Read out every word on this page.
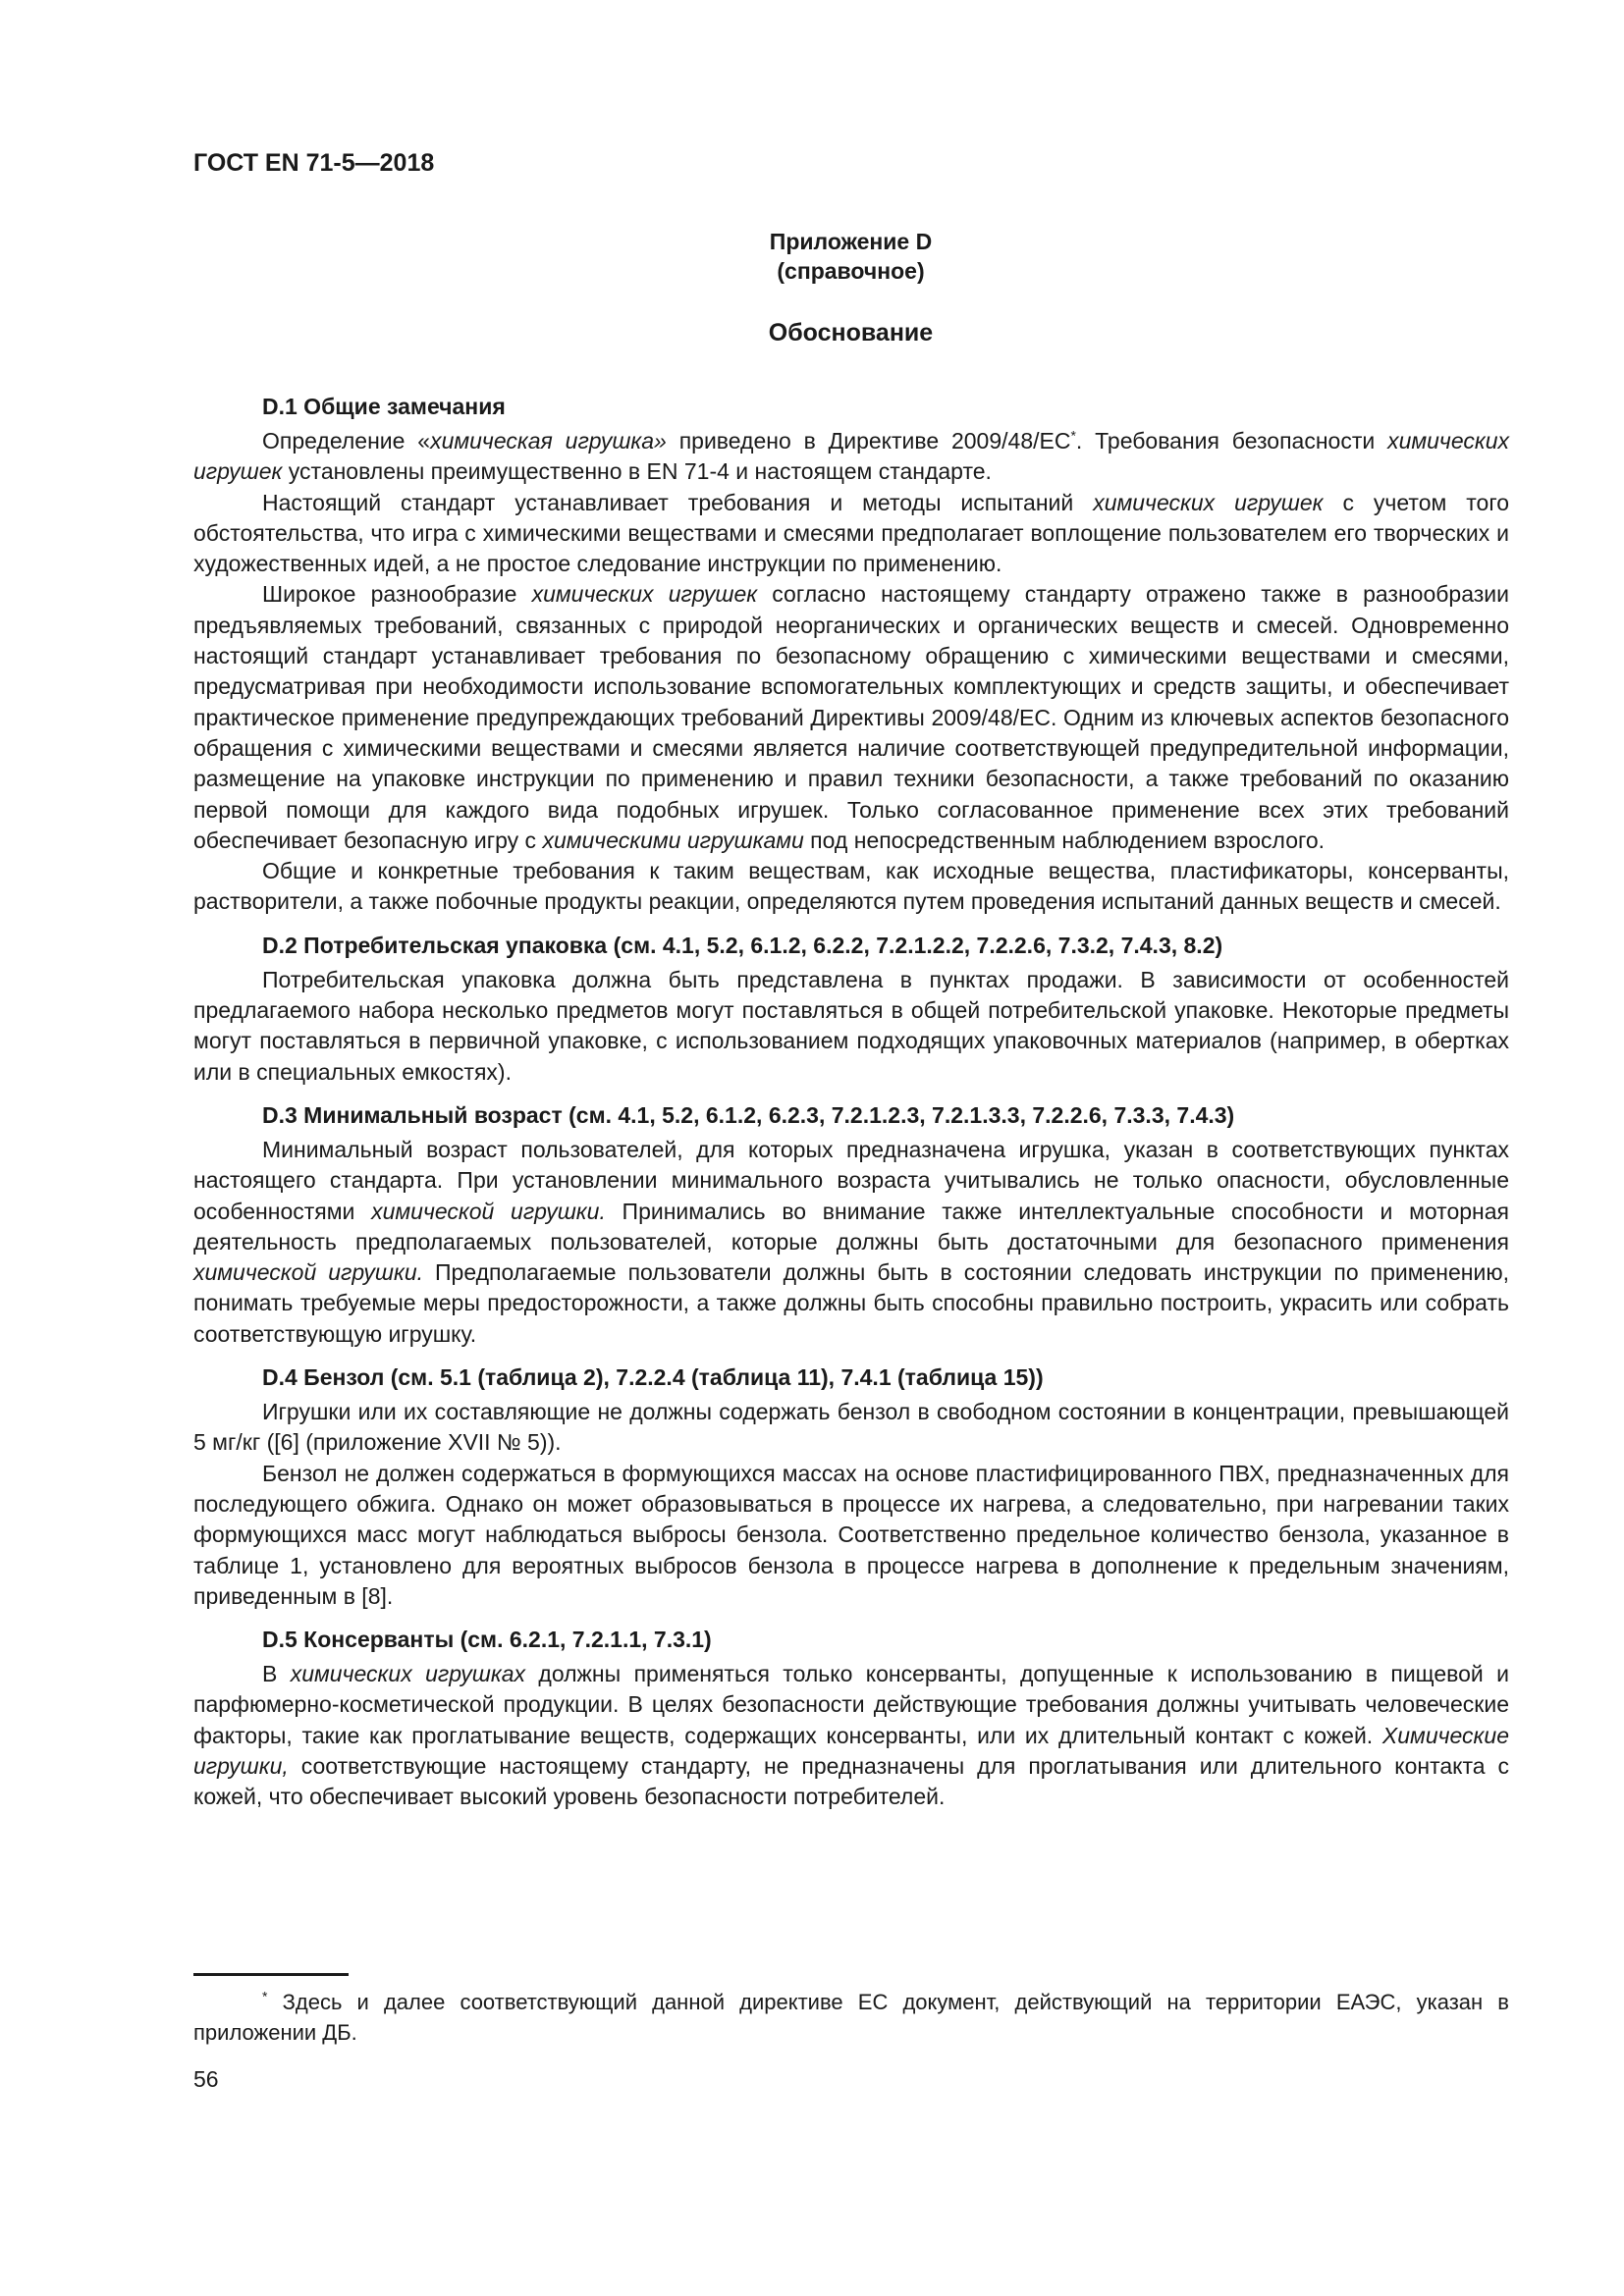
ГОСТ EN 71-5—2018

Приложение D

(справочное)

Обоснование

D.1 Общие замечания

Определение «химическая игрушка» приведено в Директиве 2009/48/ЕС*. Требования безопасности химических игрушек установлены преимущественно в EN 71-4 и настоящем стандарте.

Настоящий стандарт устанавливает требования и методы испытаний химических игрушек с учетом того обстоятельства, что игра с химическими веществами и смесями предполагает воплощение пользователем его творческих и художественных идей, а не простое следование инструкции по применению.

Широкое разнообразие химических игрушек согласно настоящему стандарту отражено также в разнообразии предъявляемых требований, связанных с природой неорганических и органических веществ и смесей. Одновременно настоящий стандарт устанавливает требования по безопасному обращению с химическими веществами и смесями, предусматривая при необходимости использование вспомогательных комплектующих и средств защиты, и обеспечивает практическое применение предупреждающих требований Директивы 2009/48/ЕС. Одним из ключевых аспектов безопасного обращения с химическими веществами и смесями является наличие соответствующей предупредительной информации, размещение на упаковке инструкции по применению и правил техники безопасности, а также требований по оказанию первой помощи для каждого вида подобных игрушек. Только согласованное применение всех этих требований обеспечивает безопасную игру с химическими игрушками под непосредственным наблюдением взрослого.

Общие и конкретные требования к таким веществам, как исходные вещества, пластификаторы, консерванты, растворители, а также побочные продукты реакции, определяются путем проведения испытаний данных веществ и смесей.

D.2 Потребительская упаковка (см. 4.1, 5.2, 6.1.2, 6.2.2, 7.2.1.2.2, 7.2.2.6, 7.3.2, 7.4.3, 8.2)

Потребительская упаковка должна быть представлена в пунктах продажи. В зависимости от особенностей предлагаемого набора несколько предметов могут поставляться в общей потребительской упаковке. Некоторые предметы могут поставляться в первичной упаковке, с использованием подходящих упаковочных материалов (например, в обертках или в специальных емкостях).

D.3 Минимальный возраст (см. 4.1, 5.2, 6.1.2, 6.2.3, 7.2.1.2.3, 7.2.1.3.3, 7.2.2.6, 7.3.3, 7.4.3)

Минимальный возраст пользователей, для которых предназначена игрушка, указан в соответствующих пунктах настоящего стандарта. При установлении минимального возраста учитывались не только опасности, обусловленные особенностями химической игрушки. Принимались во внимание также интеллектуальные способности и моторная деятельность предполагаемых пользователей, которые должны быть достаточными для безопасного применения химической игрушки. Предполагаемые пользователи должны быть в состоянии следовать инструкции по применению, понимать требуемые меры предосторожности, а также должны быть способны правильно построить, украсить или собрать соответствующую игрушку.

D.4 Бензол (см. 5.1 (таблица 2), 7.2.2.4 (таблица 11), 7.4.1 (таблица 15))

Игрушки или их составляющие не должны содержать бензол в свободном состоянии в концентрации, превышающей 5 мг/кг ([6] (приложение XVII № 5)).

Бензол не должен содержаться в формующихся массах на основе пластифицированного ПВХ, предназначенных для последующего обжига. Однако он может образовываться в процессе их нагрева, а следовательно, при нагревании таких формующихся масс могут наблюдаться выбросы бензола. Соответственно предельное количество бензола, указанное в таблице 1, установлено для вероятных выбросов бензола в процессе нагрева в дополнение к предельным значениям, приведенным в [8].

D.5 Консерванты (см. 6.2.1, 7.2.1.1, 7.3.1)

В химических игрушках должны применяться только консерванты, допущенные к использованию в пищевой и парфюмерно-косметической продукции. В целях безопасности действующие требования должны учитывать человеческие факторы, такие как проглатывание веществ, содержащих консерванты, или их длительный контакт с кожей. Химические игрушки, соответствующие настоящему стандарту, не предназначены для проглатывания или длительного контакта с кожей, что обеспечивает высокий уровень безопасности потребителей.

* Здесь и далее соответствующий данной директиве ЕС документ, действующий на территории ЕАЭС, указан в приложении ДБ.

56
